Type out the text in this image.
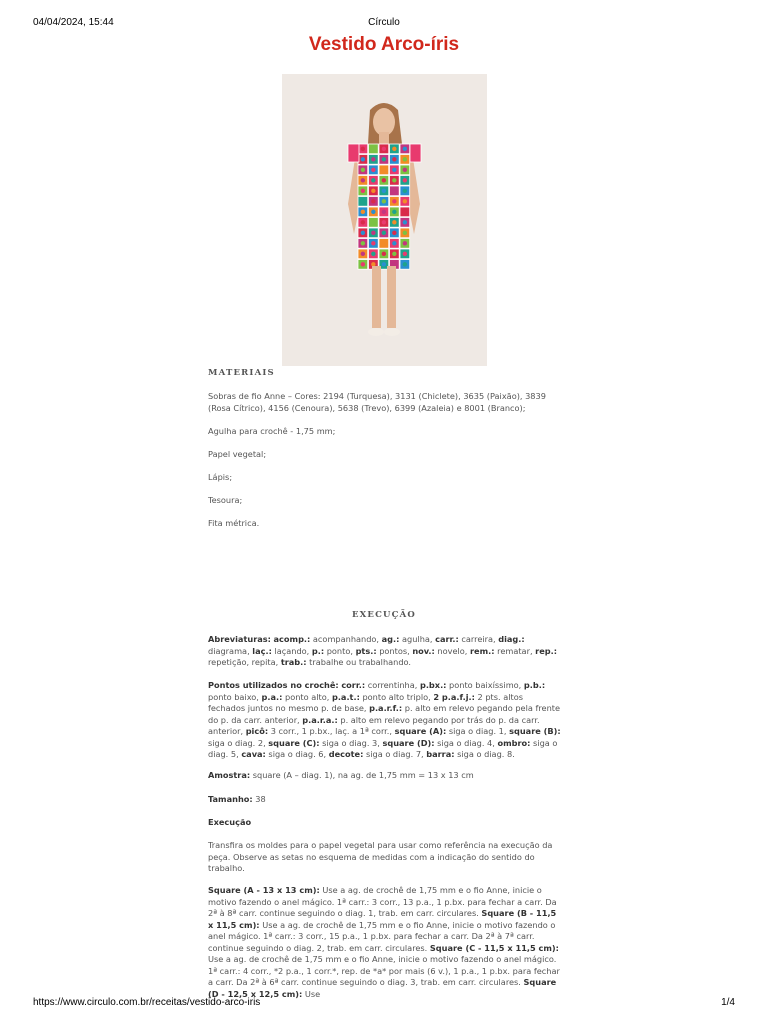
04/04/2024, 15:44	Círculo
Vestido Arco-íris
MATERIAIS
Sobras de fio Anne – Cores: 2194 (Turquesa), 3131 (Chiclete), 3635 (Paixão), 3839 (Rosa Cítrico), 4156 (Cenoura), 5638 (Trevo), 6399 (Azaleia) e 8001 (Branco);
Agulha para crochê - 1,75 mm;
Papel vegetal;
Lápis;
Tesoura;
Fita métrica.
EXECUÇÃO
Abreviaturas: acomp.: acompanhando, ag.: agulha, carr.: carreira, diag.: diagrama, laç.: laçando, p.: ponto, pts.: pontos, nov.: novelo, rem.: rematar, rep.: repetição, repita, trab.: trabalhe ou trabalhando.
Pontos utilizados no crochê: corr.: correntinha, p.bx.: ponto baixíssimo, p.b.: ponto baixo, p.a.: ponto alto, p.a.t.: ponto alto triplo, 2 p.a.f.j.: 2 pts. altos fechados juntos no mesmo p. de base, p.a.r.f.: p. alto em relevo pegando pela frente do p. da carr. anterior, p.a.r.a.: p. alto em relevo pegando por trás do p. da carr. anterior, picô: 3 corr., 1 p.bx., laç. a 1ª corr., square (A): siga o diag. 1, square (B): siga o diag. 2, square (C): siga o diag. 3, square (D): siga o diag. 4, ombro: siga o diag. 5, cava: siga o diag. 6, decote: siga o diag. 7, barra: siga o diag. 8.
Amostra: square (A – diag. 1), na ag. de 1,75 mm = 13 x 13 cm
Tamanho: 38
Execução
Transfira os moldes para o papel vegetal para usar como referência na execução da peça. Observe as setas no esquema de medidas com a indicação do sentido do trabalho.
Square (A - 13 x 13 cm): Use a ag. de crochê de 1,75 mm e o fio Anne, inicie o motivo fazendo o anel mágico. 1ª carr.: 3 corr., 13 p.a., 1 p.bx. para fechar a carr. Da 2ª à 8ª carr. continue seguindo o diag. 1, trab. em carr. circulares. Square (B - 11,5 x 11,5 cm): Use a ag. de crochê de 1,75 mm e o fio Anne, inicie o motivo fazendo o anel mágico. 1ª carr.: 3 corr., 15 p.a., 1 p.bx. para fechar a carr. Da 2ª à 7ª carr. continue seguindo o diag. 2, trab. em carr. circulares. Square (C - 11,5 x 11,5 cm): Use a ag. de crochê de 1,75 mm e o fio Anne, inicie o motivo fazendo o anel mágico. 1ª carr.: 4 corr., *2 p.a., 1 corr.*, rep. de *a* por mais (6 v.), 1 p.a., 1 p.bx. para fechar a carr. Da 2ª à 6ª carr. continue seguindo o diag. 3, trab. em carr. circulares. Square (D - 12,5 x 12,5 cm): Use
https://www.circulo.com.br/receitas/vestido-arco-iris	1/4
